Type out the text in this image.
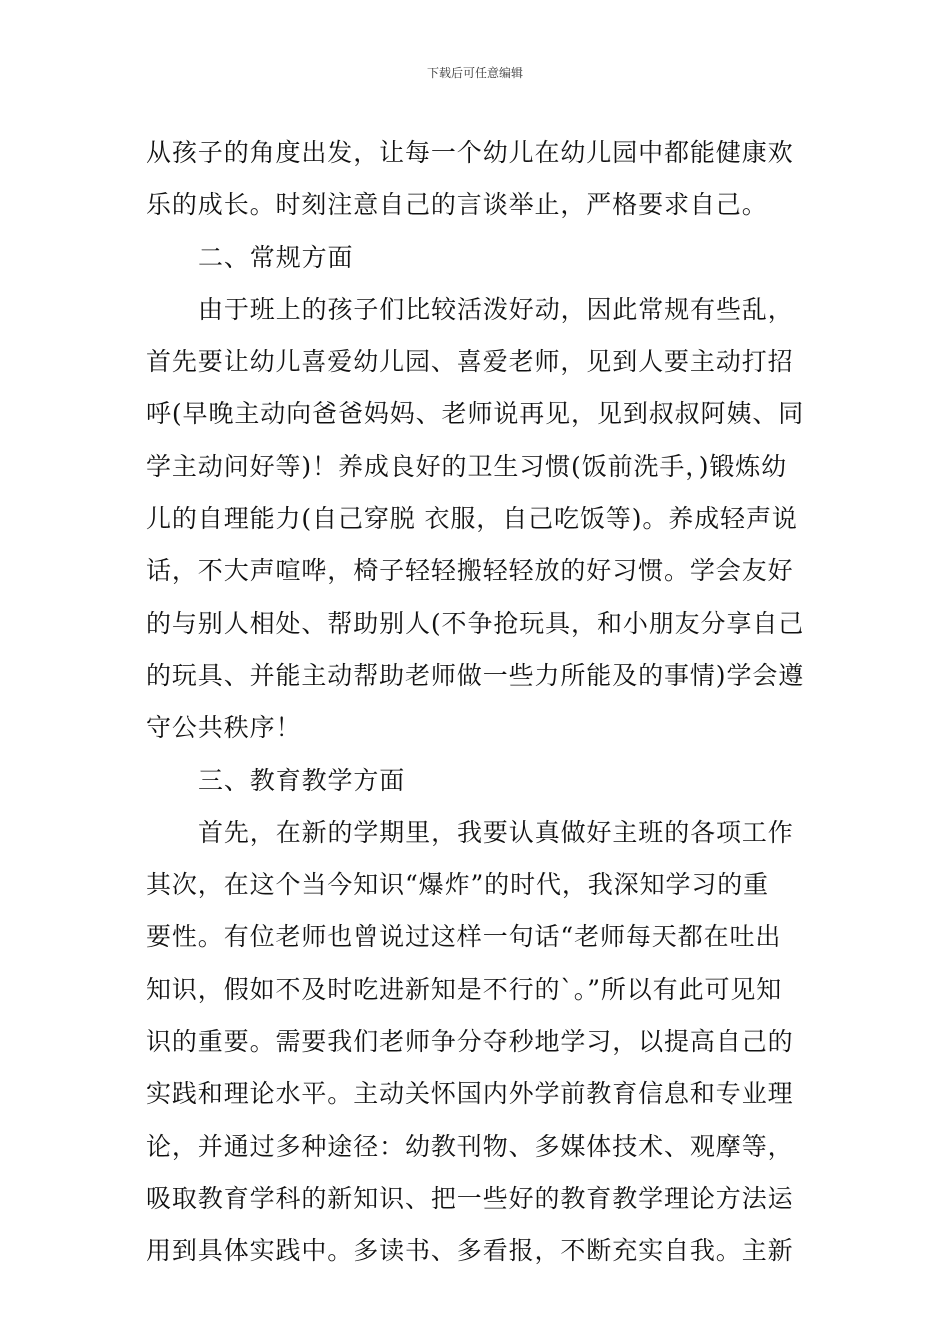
下载后可任意编辑
从孩子的角度出发，让每一个幼儿在幼儿园中都能健康欢
乐的成长。时刻注意自己的言谈举止，严格要求自己。
二、常规方面
由于班上的孩子们比较活泼好动，因此常规有些乱，
首先要让幼儿喜爱幼儿园、喜爱老师，见到人要主动打招
呼(早晚主动向爸爸妈妈、老师说再见，见到叔叔阿姨、同
学主动问好等)！养成良好的卫生习惯(饭前洗手，)锻炼幼
儿的自理能力(自己穿脱 衣服，自己吃饭等)。养成轻声说
话，不大声喧哗，椅子轻轻搬轻轻放的好习惯。学会友好
的与别人相处、帮助别人(不争抢玩具，和小朋友分享自己
的玩具、并能主动帮助老师做一些力所能及的事情)学会遵
守公共秩序！
三、教育教学方面
首先，在新的学期里，我要认真做好主班的各项工作
其次，在这个当今知识“爆炸”的时代，我深知学习的重
要性。有位老师也曾说过这样一句话“老师每天都在吐出
知识，假如不及时吃进新知是不行的`。”所以有此可见知
识的重要。需要我们老师争分夺秒地学习，以提高自己的
实践和理论水平。主动关怀国内外学前教育信息和专业理
论，并通过多种途径：幼教刊物、多媒体技术、观摩等，
吸取教育学科的新知识、把一些好的教育教学理论方法运
用到具体实践中。多读书、多看报，不断充实自我。主新
